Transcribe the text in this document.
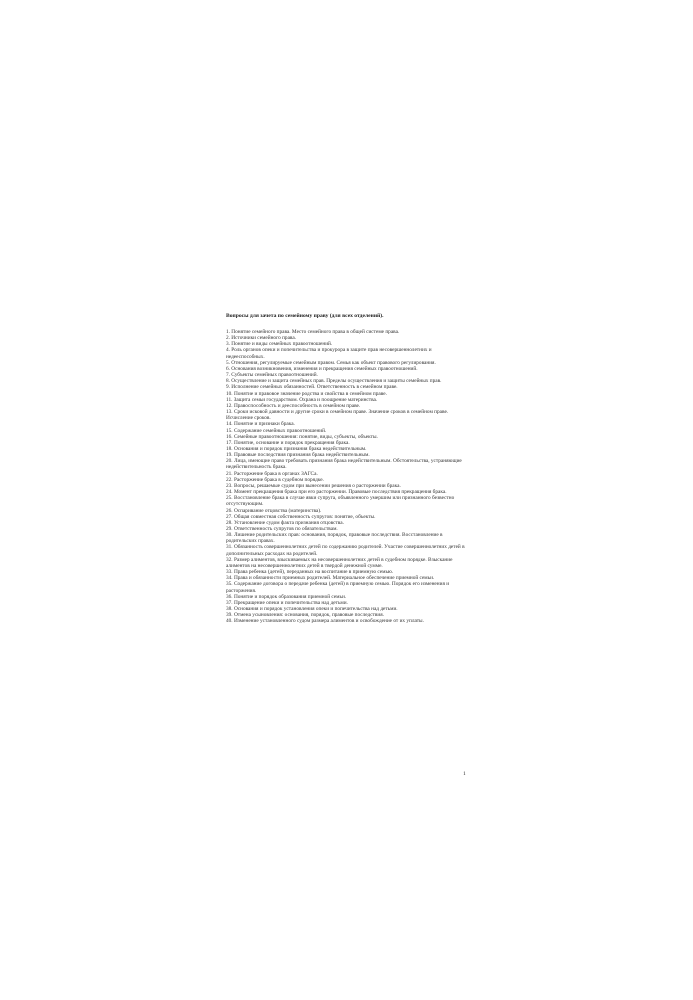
Вопросы для зачета по семейному праву (для всех отделений).
1. Понятие семейного права. Место семейного права в общей системе права.
2. Источники семейного права.
3. Понятие и виды семейных правоотношений.
4. Роль органов опеки и попечительства и прокурора в защите прав несовершеннолетних и недееспособных.
5. Отношения, регулируемые семейным правом. Семья как объект правового регулирования.
6. Основания возникновения, изменения и прекращения семейных правоотношений.
7. Субъекты семейных правоотношений.
8. Осуществление и защита семейных прав. Пределы осуществления и защиты семейных прав.
9. Исполнение семейных обязанностей. Ответственность в семейном праве.
10. Понятие и правовое значение родства и свойства в семейном праве.
11. Защита семьи государством. Охрана и поощрение материнства.
12. Правоспособность и дееспособность в семейном праве.
13. Сроки исковой давности и другие сроки в семейном праве. Значение сроков в семейном праве. Исчисление сроков.
14. Понятие и признаки брака.
15. Содержание семейных правоотношений.
16. Семейные правоотношения: понятие, виды, субъекты, объекты.
17. Понятие, основание и порядок прекращения брака.
18. Основания и порядок признания брака недействительным.
19. Правовые последствия признания брака недействительным.
20. Лица, имеющие право требовать признания брака недействительным. Обстоятельства, устраняющие недействительность брака.
21. Расторжение брака в органах ЗАГСа.
22. Расторжение брака в судебном порядке.
23. Вопросы, решаемые судом при вынесении решения о расторжении брака.
24. Момент прекращения брака при его расторжении. Правовые последствия прекращения брака.
25. Восстановление брака в случае явки супруга, объявленного умершим или признанного безвестно отсутствующим.
26. Оспаривание отцовства (материнства).
27. Общая совместная собственность супругов: понятие, объекты.
28. Установление судом факта признания отцовства.
29. Ответственность супругов по обязательствам.
30. Лишение родительских прав: основания, порядок, правовые последствия. Восстановление в родительских правах.
31. Обязанность совершеннолетних детей по содержанию родителей. Участие совершеннолетних детей в дополнительных расходах на родителей.
32. Размер алиментов, взыскиваемых на несовершеннолетних детей в судебном порядке. Взыскание алиментов на несовершеннолетних детей в твердой денежной сумме.
33. Права ребенка (детей), переданных на воспитание в приемную семью.
34. Права и обязанности приемных родителей. Материальное обеспечение приемной семьи.
35. Содержание договора о передаче ребенка (детей) в приемную семью. Порядок его изменения и расторжения.
36. Понятие и порядок образования приемной семьи.
37. Прекращение опеки и попечительства над детьми.
38. Основания и порядок установления опеки и попечительства над детьми.
39. Отмена усыновления: основания, порядок, правовые последствия.
40. Изменение установленного судом размера алиментов и освобождение от их уплаты.
1
